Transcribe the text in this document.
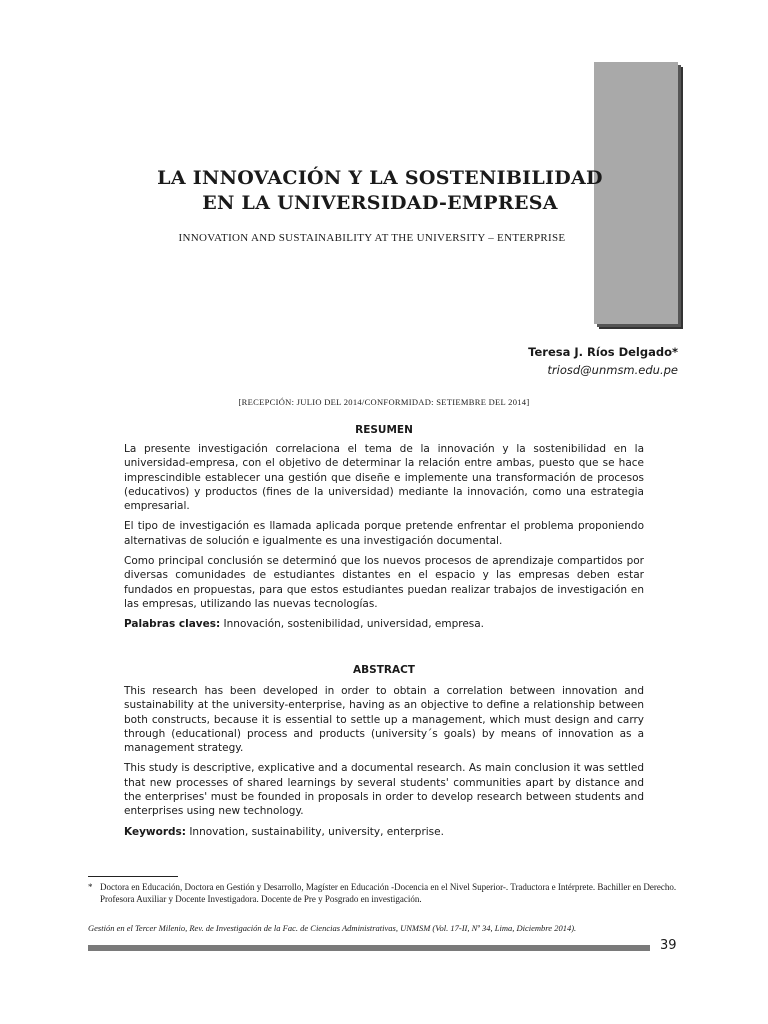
LA INNOVACIÓN Y LA SOSTENIBILIDAD
EN LA UNIVERSIDAD-EMPRESA
INNOVATION AND SUSTAINABILITY AT THE UNIVERSITY – ENTERPRISE
Teresa J. Ríos Delgado*
triosd@unmsm.edu.pe
[RECEPCIÓN: JULIO DEL 2014/CONFORMIDAD: SETIEMBRE DEL 2014]
RESUMEN

La presente investigación correlaciona el tema de la innovación y la sostenibilidad en la universidad-empresa, con el objetivo de determinar la relación entre ambas, puesto que se hace imprescindible establecer una gestión que diseñe e implemente una transformación de procesos (educativos) y productos (fines de la universidad) mediante la innovación, como una estrategia empresarial.

El tipo de investigación es llamada aplicada porque pretende enfrentar el problema proponiendo alternativas de solución e igualmente es una investigación documental.

Como principal conclusión se determinó que los nuevos procesos de aprendizaje compartidos por diversas comunidades de estudiantes distantes en el espacio y las empresas deben estar fundados en propuestas, para que estos estudiantes puedan realizar trabajos de investigación en las empresas, utilizando las nuevas tecnologías.

Palabras claves: Innovación, sostenibilidad, universidad, empresa.

ABSTRACT

This research has been developed in order to obtain a correlation between innovation and sustainability at the university-enterprise, having as an objective to define a relationship between both constructs, because it is essential to settle up a management, which must design and carry through (educational) process and products (university´s goals) by means of innovation as a management strategy.

This study is descriptive, explicative and a documental research. As main conclusion it was settled that new processes of shared learnings by several students' communities apart by distance and the enterprises' must be founded in proposals in order to develop research between students and enterprises using new technology.

Keywords: Innovation, sustainability, university, enterprise.

* Doctora en Educación, Doctora en Gestión y Desarrollo, Magíster en Educación -Docencia en el Nivel Superior-. Traductora e Intérprete. Bachiller en Derecho. Profesora Auxiliar y Docente Investigadora. Docente de Pre y Posgrado en investigación.
Gestión en el Tercer Milenio, Rev. de Investigación de la Fac. de Ciencias Administrativas, UNMSM (Vol. 17-II, Nº 34, Lima, Diciembre 2014).
39
